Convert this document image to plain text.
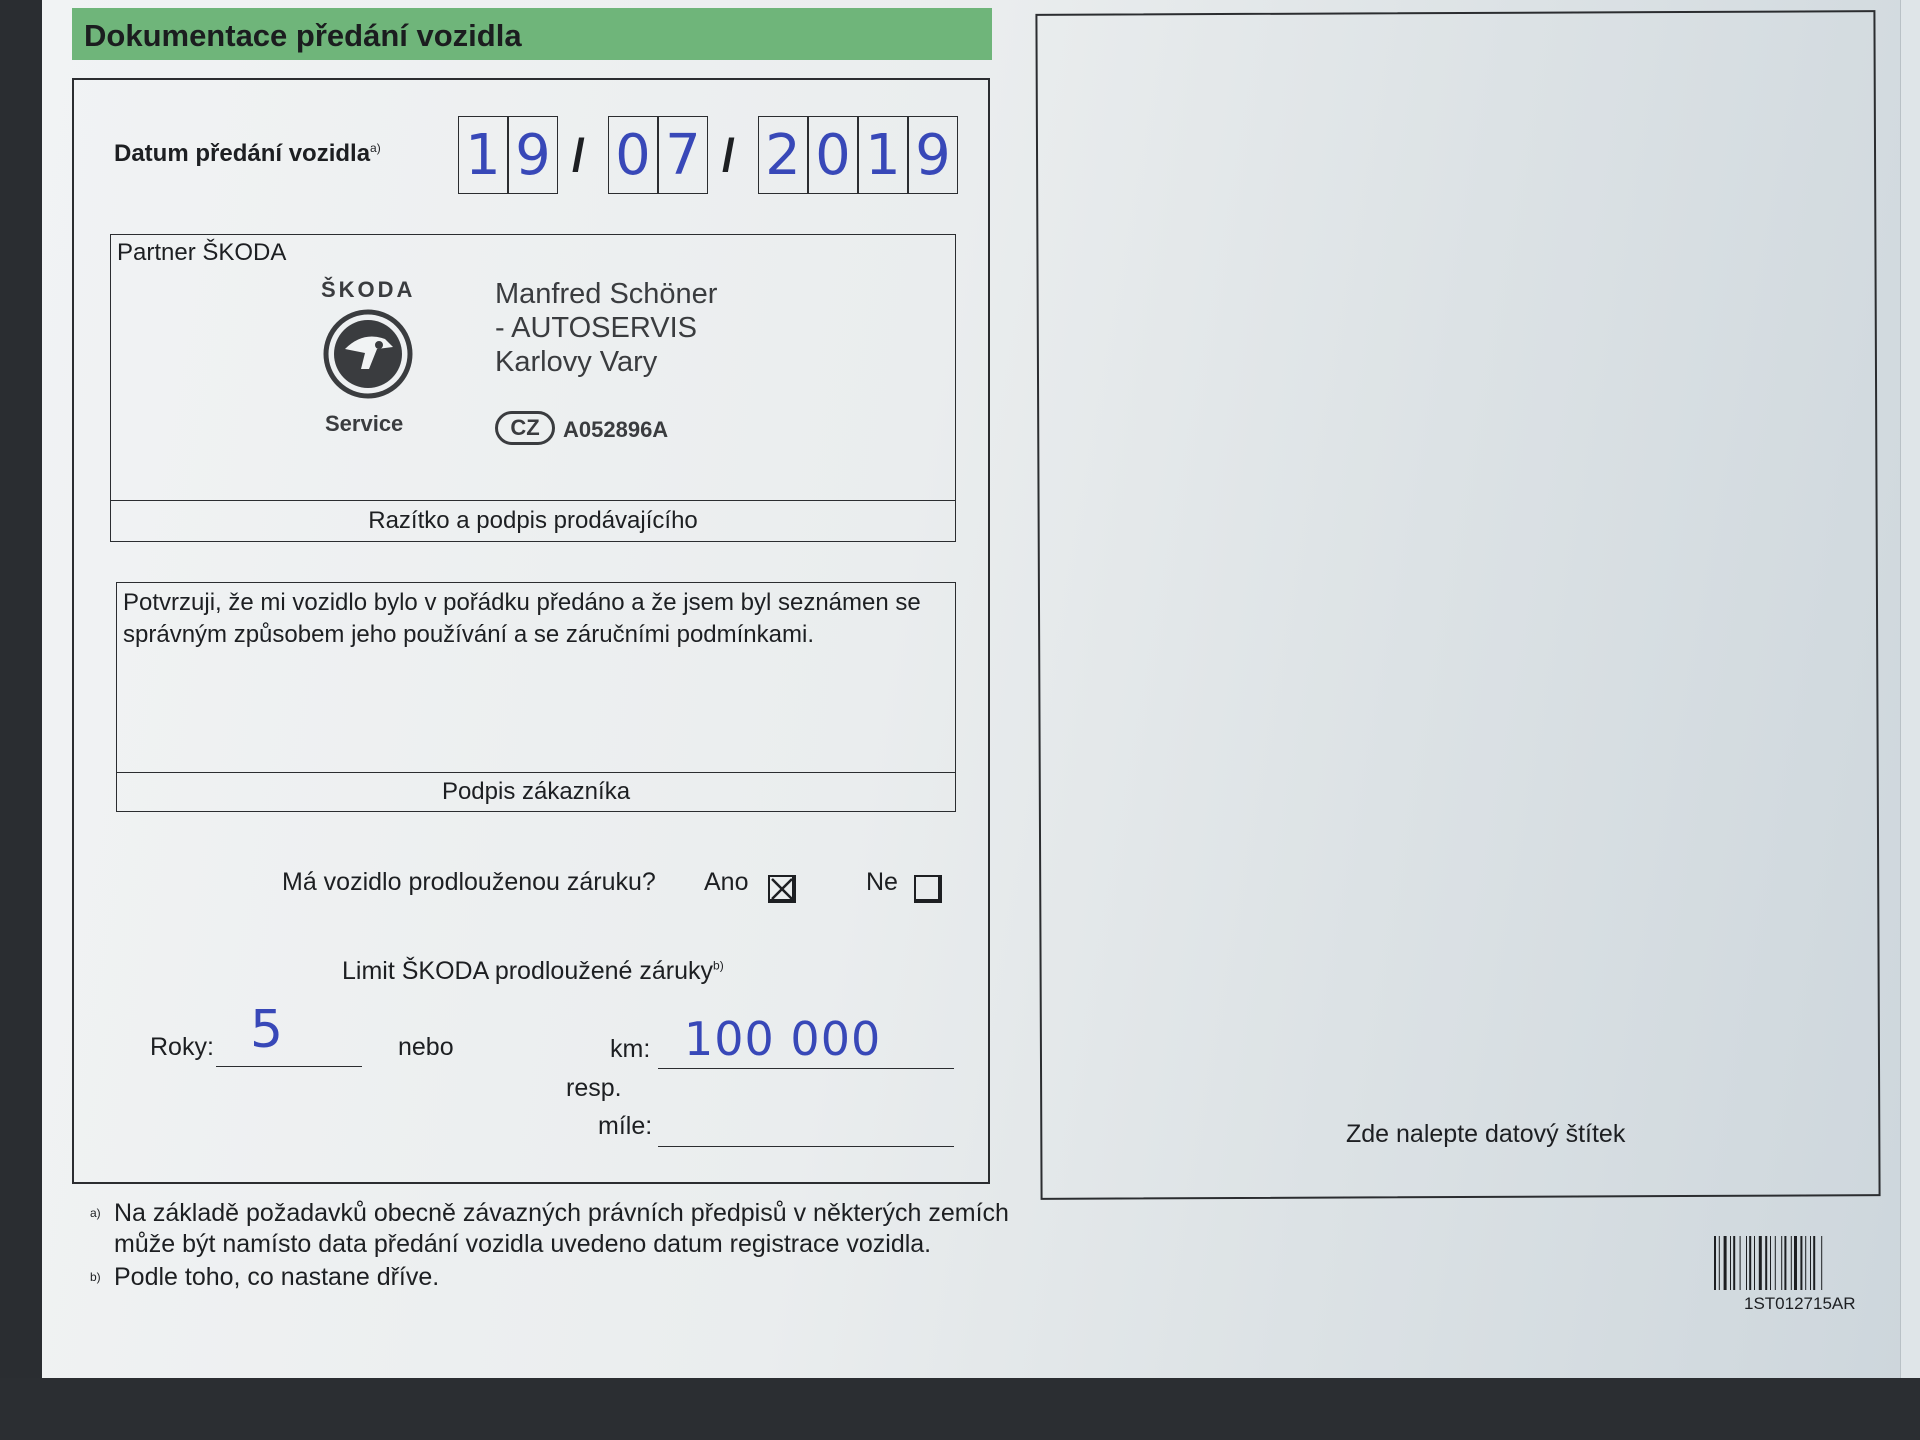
Dokumentace předání vozidla
Datum předání vozidla$^{a)}$ 1 9 / 0 7 / 2 0 1 9
Partner ŠKODA
ŠKODA
Service
Manfred Schöner
- AUTOSERVIS
Karlovy Vary
CZ	A052896A
Razítko a podpis prodávajícího
Potvrzuji, že mi vozidlo bylo v pořádku předáno a že jsem byl seznámen se správným způsobem jeho používání a se záručními podmínkami.
Podpis zákazníka
Má vozidlo prodlouženou záruku? Ano	Ne
Limit ŠKODA prodloužené záruky$^{b)}$
Roky: 5	nebo	km: 100 000
resp.
míle:
a) Na základě požadavků obecně závazných právních předpisů v některých zemích může být namísto data předání vozidla uvedeno datum registrace vozidla.
b) Podle toho, co nastane dříve.
Zde nalepte datový štítek
1ST012715AR
